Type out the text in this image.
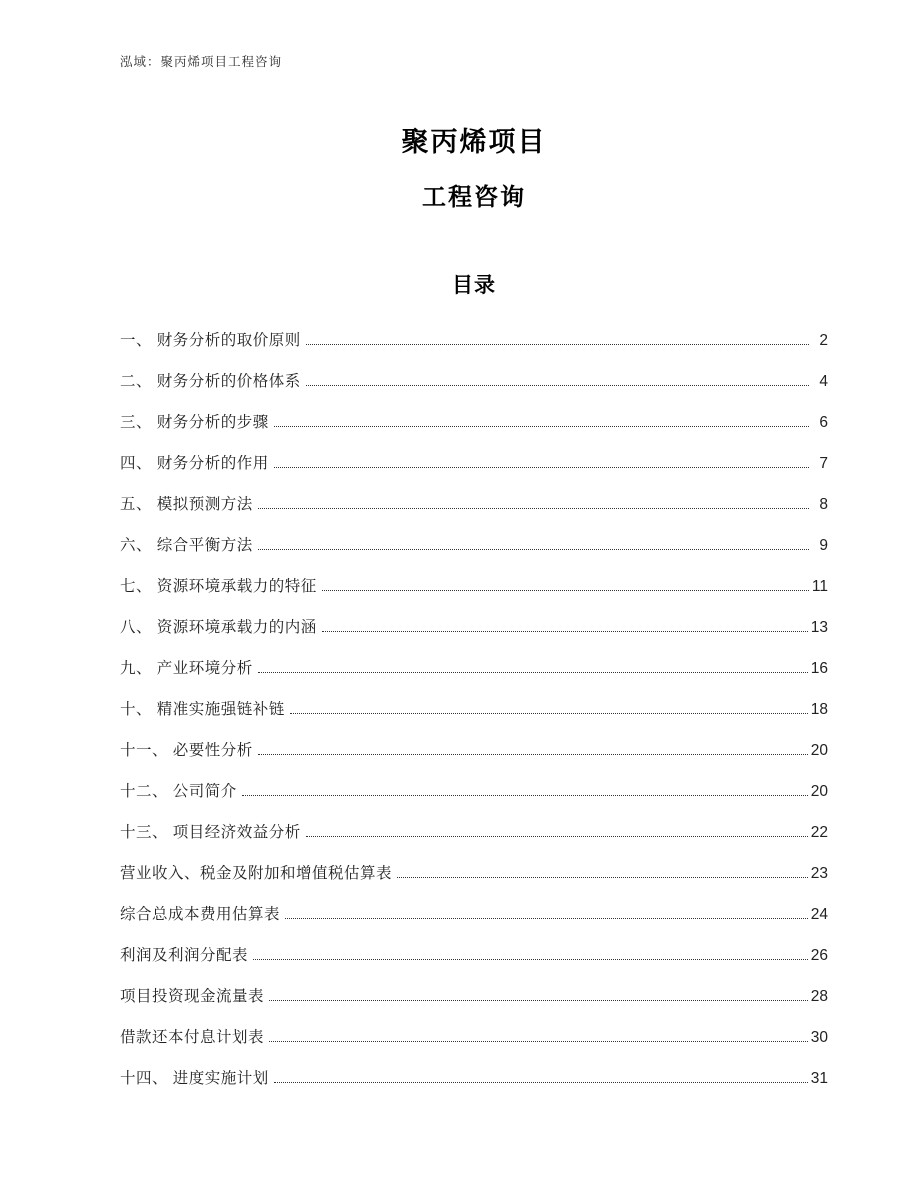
泓域：聚丙烯项目工程咨询
聚丙烯项目
工程咨询
目录
一、 财务分析的取价原则	2
二、 财务分析的价格体系	4
三、 财务分析的步骤	6
四、 财务分析的作用	7
五、 模拟预测方法	8
六、 综合平衡方法	9
七、 资源环境承载力的特征	11
八、 资源环境承载力的内涵	13
九、 产业环境分析	16
十、 精准实施强链补链	18
十一、 必要性分析	20
十二、 公司简介	20
十三、 项目经济效益分析	22
营业收入、税金及附加和增值税估算表	23
综合总成本费用估算表	24
利润及利润分配表	26
项目投资现金流量表	28
借款还本付息计划表	30
十四、 进度实施计划	31
